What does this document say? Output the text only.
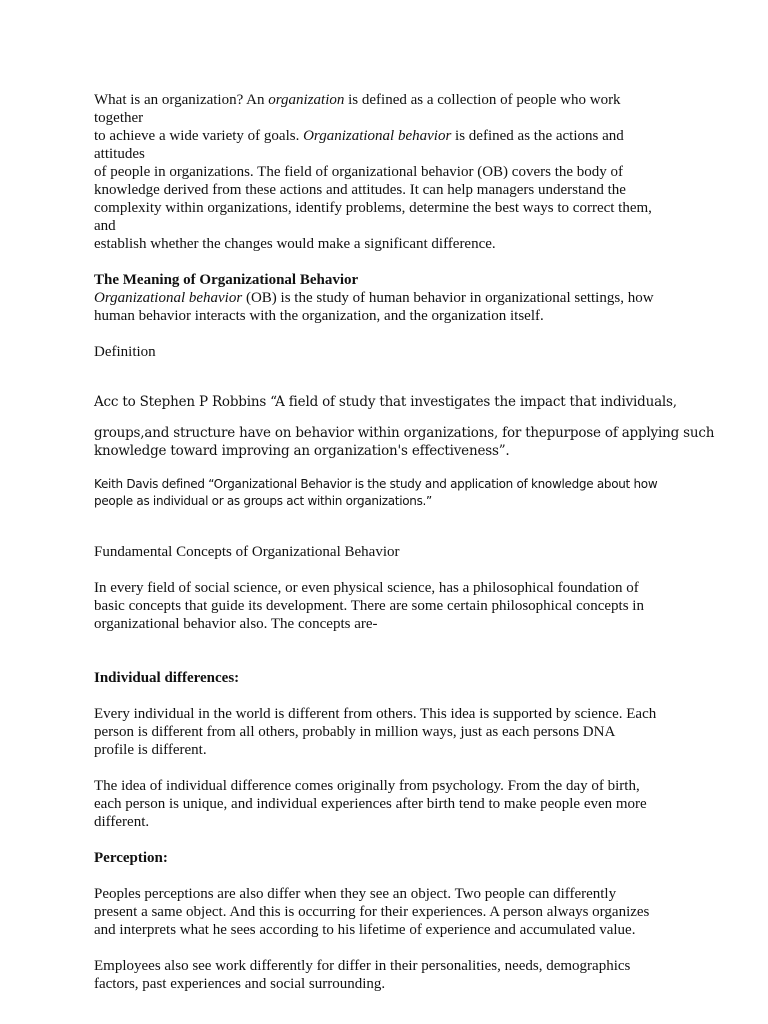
What is an organization? An organization is defined as a collection of people who work

together

to achieve a wide variety of goals. Organizational behavior is defined as the actions and

attitudes

of people in organizations. The field of organizational behavior (OB) covers the body of

knowledge derived from these actions and attitudes. It can help managers understand the

complexity within organizations, identify problems, determine the best ways to correct them,

and

establish whether the changes would make a significant difference.

The Meaning of Organizational Behavior

Organizational behavior (OB) is the study of human behavior in organizational settings, how

human behavior interacts with the organization, and the organization itself.

Definition

Acc to Stephen P Robbins “A field of study that investigates the impact that individuals,

groups,and structure have on behavior within organizations, for thepurpose of applying such

knowledge toward improving an organization's effectiveness”.

Keith Davis defined “Organizational Behavior is the study and application of knowledge about how

people as individual or as groups act within organizations.”

Fundamental Concepts of Organizational Behavior

In every field of social science, or even physical science, has a philosophical foundation of

basic concepts that guide its development. There are some certain philosophical concepts in

organizational behavior also. The concepts are-

Individual differences:

Every individual in the world is different from others. This idea is supported by science. Each

person is different from all others, probably in million ways, just as each persons DNA

profile is different.

The idea of individual difference comes originally from psychology. From the day of birth,

each person is unique, and individual experiences after birth tend to make people even more

different.

Perception:

Peoples perceptions are also differ when they see an object. Two people can differently

present a same object. And this is occurring for their experiences. A person always organizes

and interprets what he sees according to his lifetime of experience and accumulated value.

Employees also see work differently for differ in their personalities, needs, demographics

factors, past experiences and social surrounding.
